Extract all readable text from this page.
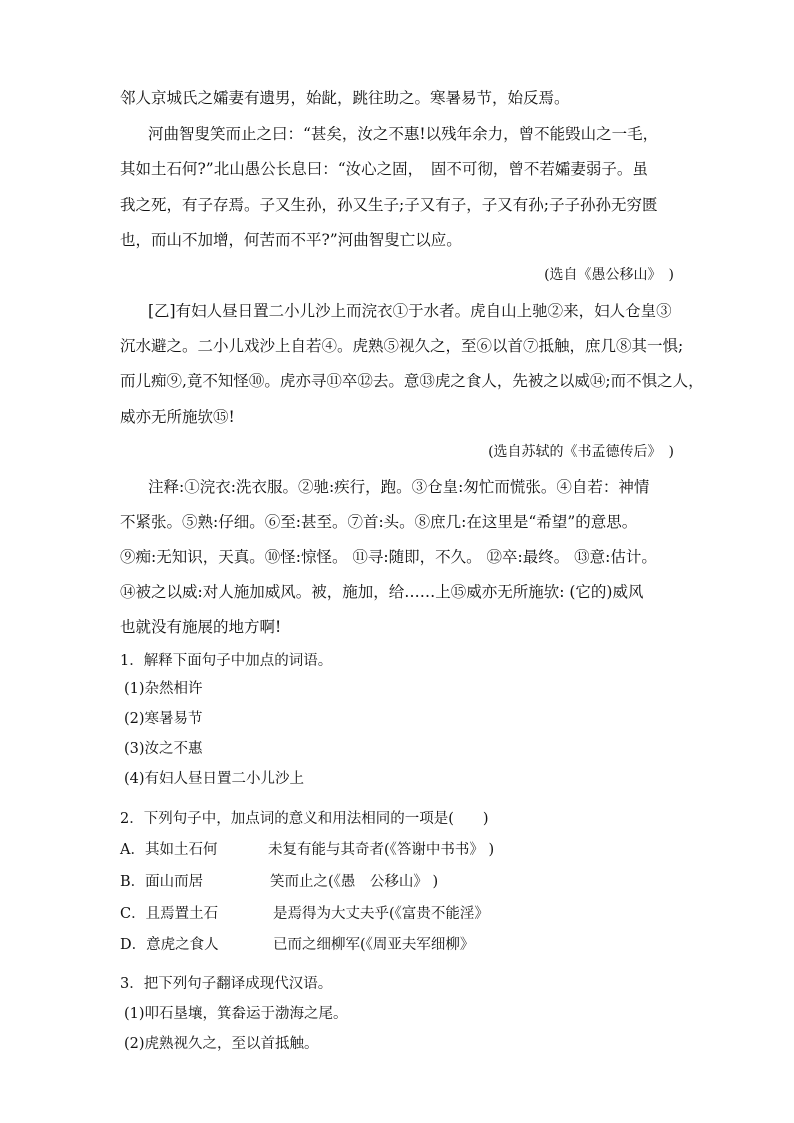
邻人京城氏之孀妻有遗男，始龀，跳往助之。寒暑易节，始反焉。
河曲智叟笑而止之曰：“甚矣，汝之不惠!以残年余力，曾不能毁山之一毛，
其如土石何?”北山愚公长息曰：“汝心之固，　固不可彻，曾不若孀妻弱子。虽
我之死，有子存焉。子又生孙，孙又生子;子又有子，子又有孙;子子孙孙无穷匮
也，而山不加增，何苦而不平?”河曲智叟亡以应。
(选自《愚公移山》　)
[乙]有妇人昼日置二小儿沙上而浣衣①于水者。虎自山上驰②来，妇人仓皇③
沉水避之。二小儿戏沙上自若④。虎熟⑤视久之，至⑥以首⑦抵触，庶几⑧其一惧;
而儿痴⑨,竟不知怪⑩。虎亦寻⑪卒⑫去。意⑬虎之食人，先被之以威⑭;而不惧之人，
威亦无所施欤⑮!
(选自苏轼的《书孟德传后》　)
注释:①浣衣:洗衣服。②驰:疾行，跑。③仓皇:匆忙而慌张。④自若：神情
不紧张。⑤熟:仔细。⑥至:甚至。⑦首:头。⑧庶几:在这里是“希望”的意思。
⑨痴:无知识，天真。⑩怪:惊怪。 ⑪寻:随即，不久。 ⑫卒:最终。 ⑬意:估计。
⑭被之以威:对人施加威风。被，施加，给……上⑮威亦无所施欤: (它的)威风
也就没有施展的地方啊!
1．解释下面句子中加点的词语。
(1)杂然相许
(2)寒暑易节
(3)汝之不惠
(4)有妇人昼日置二小儿沙上
2．下列句子中，加点词的意义和用法相同的一项是(　　)
A．其如土石何	未复有能与其奇者(《答谢中书书》 )
B．面山而居	笑而止之(《愚　公移山》 )
C．且焉置土石	是焉得为大丈夫乎(《富贵不能淫》
D．意虎之食人	已而之细柳军(《周亚夫军细柳》
3．把下列句子翻译成现代汉语。
(1)叩石垦壤，箕畚运于渤海之尾。
(2)虎熟视久之，至以首抵触。
